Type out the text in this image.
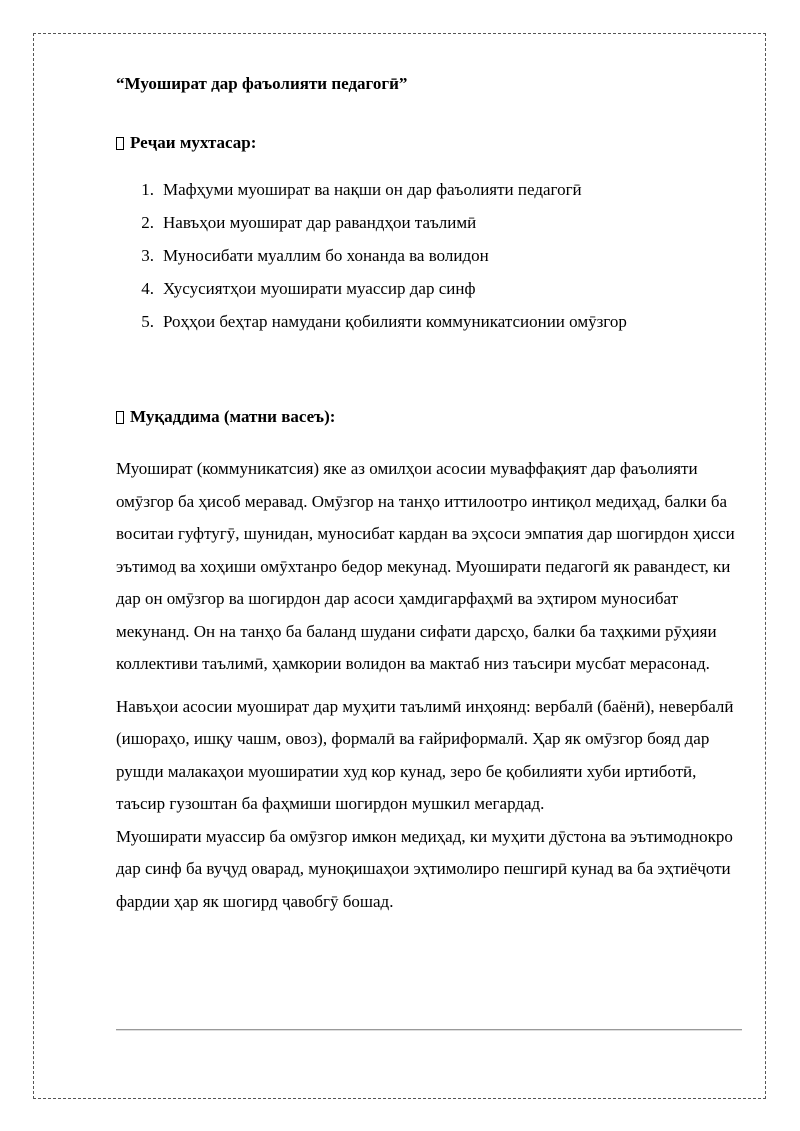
“Муошират дар фаъолияти педагогӣ”

Реҷаи мухтасар:
1. Мафҳуми муошират ва нақши он дар фаъолияти педагогӣ
2. Навъҳои муошират дар равандҳои таълимӣ
3. Муносибати муаллим бо хонанда ва волидон
4. Хусусиятҳои муоширати муассир дар синф
5. Роҳҳои беҳтар намудани қобилияти коммуникатсионии омӯзгор
Муқаддима (матни васеъ):

Муошират (коммуникатсия) яке аз омилҳои асосии муваффақият дар фаъолияти омӯзгор ба ҳисоб меравад. Омӯзгор на танҳо иттилоотро интиқол медиҳад, балки ба воситаи гуфтугӯ, шунидан, муносибат кардан ва эҳсоси эмпатия дар шогирдон ҳисси эътимод ва хоҳиши омӯхтанро бедор мекунад. Муоширати педагогӣ як равандест, ки дар он омӯзгор ва шогирдон дар асоси ҳамдигарфаҳмӣ ва эҳтиром муносибат мекунанд. Он на танҳо ба баланд шудани сифати дарсҳо, балки ба таҳкими рӯҳияи коллективи таълимӣ, ҳамкории волидон ва мактаб низ таъсири мусбат мерасонад.

Навъҳои асосии муошират дар муҳити таълимӣ инҳоянд: вербалӣ (баёнӣ), невербалӣ (ишораҳо, ишқу чашм, овоз), формалӣ ва ғайриформалӣ. Ҳар як омӯзгор бояд дар рушди малакаҳои муоширатии худ кор кунад, зеро бе қобилияти хуби иртиботӣ, таъсир гузоштан ба фаҳмиши шогирдон мушкил мегардад.

Муоширати муассир ба омӯзгор имкон медиҳад, ки муҳити дӯстона ва эътимоднокро дар синф ба вуҷуд оварад, муноқишаҳои эҳтимолиро пешгирӣ кунад ва ба эҳтиёҷоти фардии ҳар як шогирд ҷавобгӯ бошад.
